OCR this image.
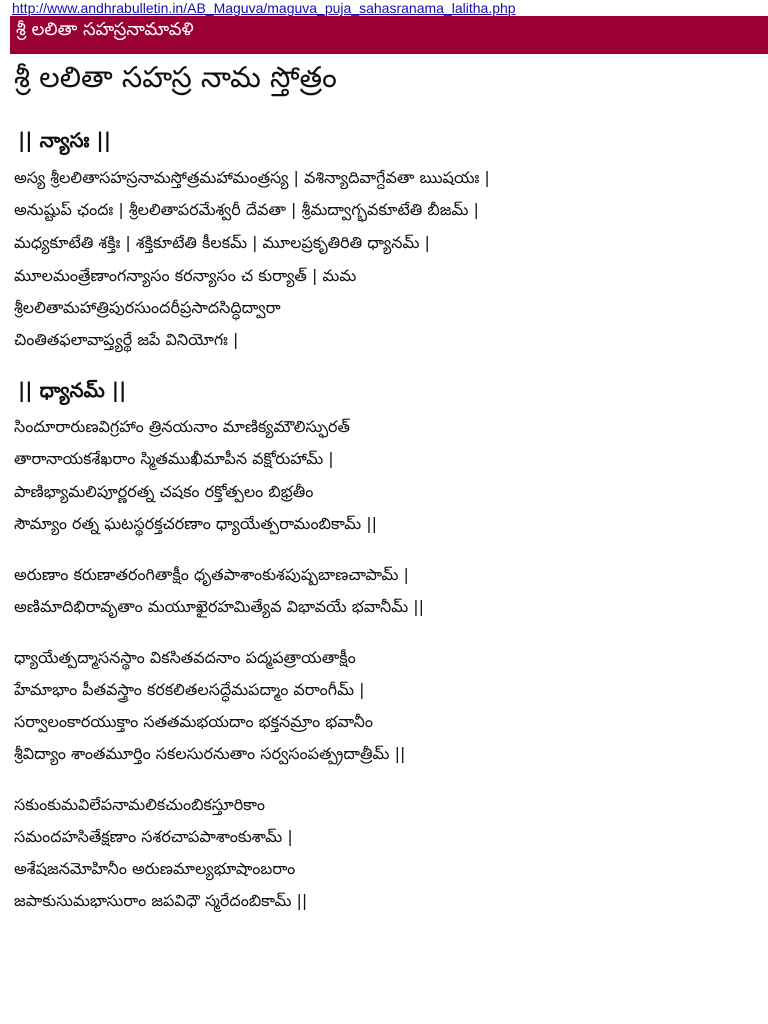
http://www.andhrabulletin.in/AB_Maguva/maguva_puja_sahasranama_lalitha.php
శ్రీ లలితా సహస్రనామావళి
శ్రీ లలితా సహస్ర నామ స్తోత్రం
|| న్యాసః ||
అస్య శ్రీలలితాసహస్రనామస్తోత్రమహామంత్రస్య | వశిన్యాదివాగ్దేవతా ఋషయః |
అనుష్టుప్ ఛందః | శ్రీలలితాపరమేశ్వరీ దేవతా | శ్రీమద్వాగ్భవకూటేతి బీజమ్ |
మధ్యకూటేతి శక్తిః | శక్తికూటేతి కీలకమ్ | మూలప్రకృతిరితి ధ్యానమ్ |
మూలమంత్రేణాంగన్యాసం కరన్యాసం చ కుర్యాత్ | మమ
శ్రీలలితామహాత్రిపురసుందరీప్రసాదసిద్ధిద్వారా
చింతితఫలావాప్త్యర్థే జపే వినియోగః |
|| ధ్యానమ్ ||
సిందూరారుణవిగ్రహాం త్రినయనాం మాణిక్యమౌలిస్ఫురత్
తారానాయకశేఖరాం స్మితముఖీమాపీన వక్షోరుహామ్ |
పాణిభ్యామలిపూర్ణరత్న చషకం రక్తోత్పలం బిభ్రతీం
సౌమ్యాం రత్న ఘటస్థరక్తచరణాం ధ్యాయేత్పరామంబికామ్ ||
అరుణాం కరుణాతరంగితాక్షీం ధృతపాశాంకుశపుష్పబాణచాపామ్ |
అణిమాదిభిరావృతాం మయూఖైరహమిత్యేవ విభావయే భవానీమ్ ||
ధ్యాయేత్పద్మాసనస్థాం వికసితవదనాం పద్మపత్రాయతాక్షీం
హేమాభాం పీతవస్త్రాం కరకలితలసద్ధేమపద్మాం వరాంగీమ్ |
సర్వాలంకారయుక్తాం సతతమభయదాం భక్తనమ్రాం భవానీం
శ్రీవిద్యాం శాంతమూర్తిం సకలసురనుతాం సర్వసంపత్ప్రదాత్రీమ్ ||
సకుంకుమవిలేపనామలికచుంబికస్తూరికాం
సమందహసితేక్షణాం సశరచాపపాశాంకుశామ్ |
అశేషజనమోహినీం అరుణమాల్యభూషాంబరాం
జపాకుసుమభాసురాం జపవిధౌ స్మరేదంబికామ్ ||
